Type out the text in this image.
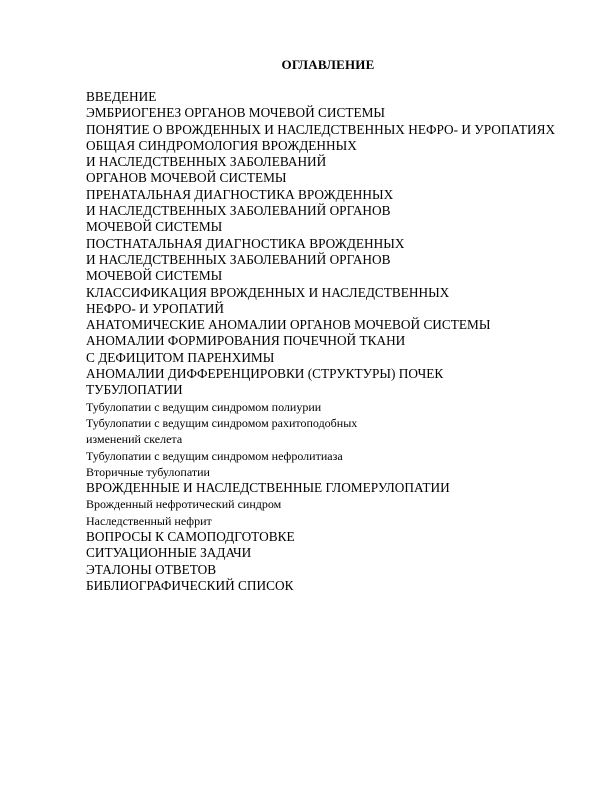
ОГЛАВЛЕНИЕ
ВВЕДЕНИЕ
ЭМБРИОГЕНЕЗ ОРГАНОВ МОЧЕВОЙ СИСТЕМЫ
ПОНЯТИЕ О ВРОЖДЕННЫХ И НАСЛЕДСТВЕННЫХ НЕФРО- И УРОПАТИЯХ
ОБЩАЯ СИНДРОМОЛОГИЯ ВРОЖДЕННЫХ
И НАСЛЕДСТВЕННЫХ ЗАБОЛЕВАНИЙ
ОРГАНОВ МОЧЕВОЙ СИСТЕМЫ
ПРЕНАТАЛЬНАЯ ДИАГНОСТИКА ВРОЖДЕННЫХ
И НАСЛЕДСТВЕННЫХ ЗАБОЛЕВАНИЙ ОРГАНОВ
МОЧЕВОЙ СИСТЕМЫ
ПОСТНАТАЛЬНАЯ ДИАГНОСТИКА ВРОЖДЕННЫХ
И НАСЛЕДСТВЕННЫХ ЗАБОЛЕВАНИЙ ОРГАНОВ
МОЧЕВОЙ СИСТЕМЫ
КЛАССИФИКАЦИЯ ВРОЖДЕННЫХ И НАСЛЕДСТВЕННЫХ
НЕФРО- И УРОПАТИЙ
АНАТОМИЧЕСКИЕ АНОМАЛИИ ОРГАНОВ МОЧЕВОЙ СИСТЕМЫ
АНОМАЛИИ ФОРМИРОВАНИЯ ПОЧЕЧНОЙ ТКАНИ
С ДЕФИЦИТОМ ПАРЕНХИМЫ
АНОМАЛИИ ДИФФЕРЕНЦИРОВКИ (СТРУКТУРЫ) ПОЧЕК
ТУБУЛОПАТИИ
Тубулопатии с ведущим синдромом полиурии
Тубулопатии с ведущим синдромом рахитоподобных
изменений скелета
Тубулопатии с ведущим синдромом нефролитиаза
Вторичные тубулопатии
ВРОЖДЕННЫЕ И НАСЛЕДСТВЕННЫЕ ГЛОМЕРУЛОПАТИИ
Врожденный нефротический синдром
Наследственный нефрит
ВОПРОСЫ К САМОПОДГОТОВКЕ
СИТУАЦИОННЫЕ ЗАДАЧИ
ЭТАЛОНЫ ОТВЕТОВ
БИБЛИОГРАФИЧЕСКИЙ СПИСОК
